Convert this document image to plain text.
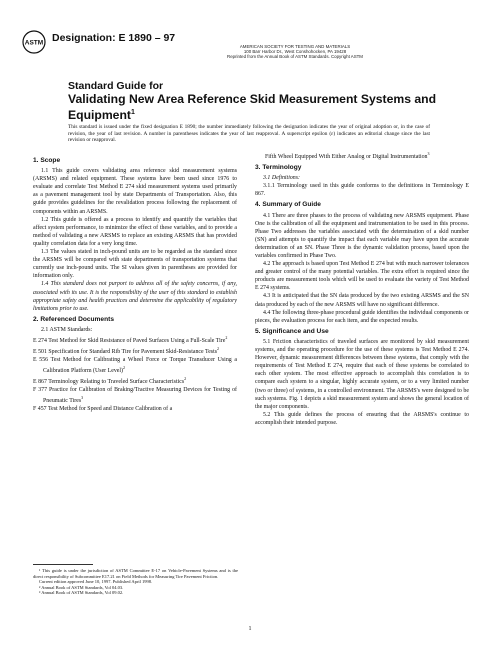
ASTM Designation: E 1890 – 97
AMERICAN SOCIETY FOR TESTING AND MATERIALS
100 Barr Harbor Dr., West Conshohocken, PA 19428
Reprinted from the Annual Book of ASTM Standards. Copyright ASTM
Standard Guide for
Validating New Area Reference Skid Measurement Systems and Equipment$^1$
This standard is issued under the fixed designation E 1890; the number immediately following the designation indicates the year of original adoption or, in the case of revision, the year of last revision. A number in parentheses indicates the year of last reapproval. A superscript epsilon (ε) indicates an editorial change since the last revision or reapproval.
1. Scope

1.1 This guide covers validating area reference skid measurement systems (ARSMS) and related equipment. These systems have been used since 1976 to evaluate and correlate Test Method E 274 skid measurement systems used primarily as a pavement management tool by state Departments of Transportation. Also, this guide provides guidelines for the revalidation process following the replacement of components within an ARSMS.

1.2 This guide is offered as a process to identify and quantify the variables that affect system performance, to minimize the effect of these variables, and to provide a method of validating a new ARSMS to replace an existing ARSMS that has provided quality correlation data for a very long time.

1.3 The values stated in inch-pound units are to be regarded as the standard since the ARSMS will be compared with state departments of transportation systems that currently use inch-pound units. The SI values given in parentheses are provided for information only.

1.4 This standard does not purport to address all of the safety concerns, if any, associated with its use. It is the responsibility of the user of this standard to establish appropriate safety and health practices and determine the applicability of regulatory limitations prior to use.

2. Referenced Documents

2.1 ASTM Standards:

E 274 Test Method for Skid Resistance of Paved Surfaces Using a Full-Scale Tire$^2$

E 501 Specification for Standard Rib Tire for Pavement Skid-Resistance Tests$^2$

E 556 Test Method for Calibrating a Wheel Force or Torque Transducer Using a Calibration Platform (User Level)$^2$

E 867 Terminology Relating to Traveled Surface Characteristics$^2$

F 377 Practice for Calibration of Braking/Tractive Measuring Devices for Testing of Pneumatic Tires$^3$

F 457 Test Method for Speed and Distance Calibration of a

¹ This guide is under the jurisdiction of ASTM Committee E-17 on Vehicle-Pavement Systems and is the direct responsibility of Subcommittee E17.21 on Field Methods for Measuring Tire Pavement Friction.

Current edition approved June 10, 1997. Published April 1998.

² Annual Book of ASTM Standards, Vol 04.03.

³ Annual Book of ASTM Standards, Vol 09.02.

Fifth Wheel Equipped With Either Analog or Digital Instrumentation$^3$

3. Terminology

3.1 Definitions:

3.1.1 Terminology used in this guide conforms to the definitions in Terminology E 867.

4. Summary of Guide

4.1 There are three phases to the process of validating new ARSMS equipment. Phase One is the calibration of all the equipment and instrumentation to be used in this process. Phase Two addresses the variables associated with the determination of a skid number (SN) and attempts to quantify the impact that each variable may have upon the accurate determination of an SN. Phase Three is the dynamic validation process, based upon the variables confirmed in Phase Two.

4.2 The approach is based upon Test Method E 274 but with much narrower tolerances and greater control of the many potential variables. The extra effort is required since the products are measurement tools which will be used to evaluate the variety of Test Method E 274 systems.

4.3 It is anticipated that the SN data produced by the two existing ARSMS and the SN data produced by each of the new ARSMS will have no significant difference.

4.4 The following three-phase procedural guide identifies the individual components or pieces, the evaluation process for each item, and the expected results.

5. Significance and Use

5.1 Friction characteristics of traveled surfaces are monitored by skid measurement systems, and the operating procedure for the use of these systems is Test Method E 274. However, dynamic measurement differences between these systems, that comply with the requirements of Test Method E 274, require that each of these systems be correlated to each other system. The most effective approach to accomplish this correlation is to compare each system to a singular, highly accurate system, or to a very limited number (two or three) of systems, in a controlled environment. The ARSMS's were designed to be such systems. Fig. 1 depicts a skid measurement system and shows the general location of the major components.

5.2 This guide defines the process of ensuring that the ARSMS's continue to accomplish their intended purpose.

1
